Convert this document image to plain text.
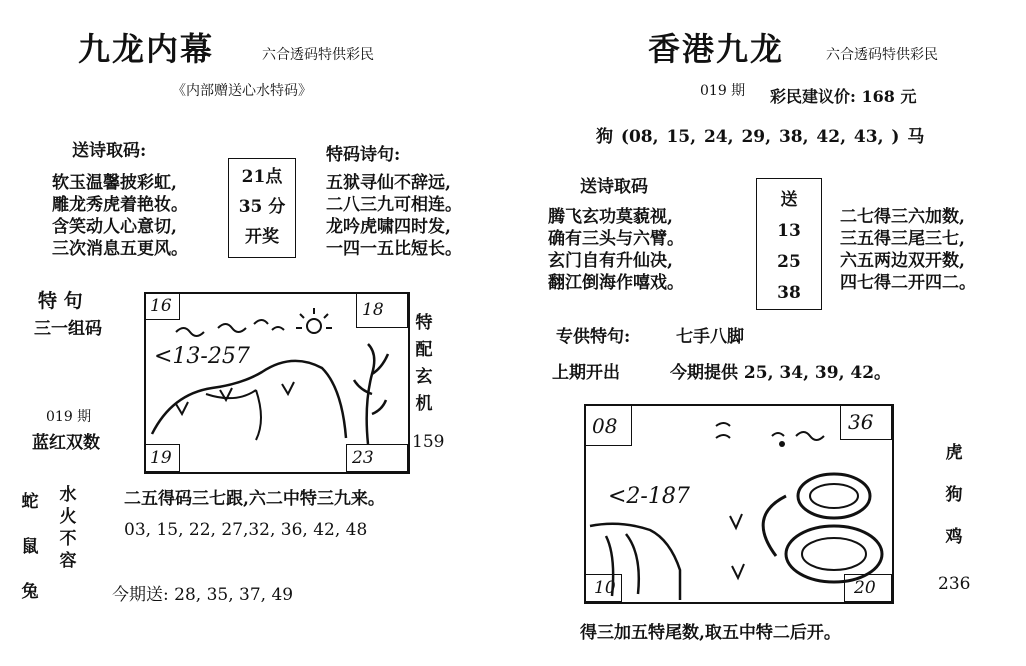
九龙内幕	六合透码特供彩民
《内部赠送心水特码》
送诗取码:
软玉温馨披彩虹,
雕龙秀虎着艳妆。
含笑动人心意切,
三次消息五更风。
21点
35 分
开奖
特码诗句:
五狱寻仙不辞远,
二八三九可相连。
龙吟虎啸四时发,
一四一五比短长。
特 句
三一组码
019 期
蓝红双数
16	18
19	23
<13-257
特
配
玄
机
159
蛇
鼠
兔
水
火
不
容
二五得码三七跟,六二中特三九来。
03, 15, 22, 27,32, 36, 42, 48
今期送: 28, 35, 37, 49
香港九龙	六合透码特供彩民
019 期 彩民建议价: 168 元
狗 (08, 15, 24, 29, 38, 42, 43, ) 马
送诗取码
腾飞玄功莫藐视,
确有三头与六臂。
玄门自有升仙决,
翻江倒海作嘻戏。
送
13
25
38
二七得三六加数,
三五得三尾三七,
六五两边双开数,
四七得二开四二。
专供特句:	七手八脚
上期开出	今期提供 25, 34, 39, 42。
08	36
10	20
<2-187
虎
狗
鸡
236
得三加五特尾数,取五中特二后开。
